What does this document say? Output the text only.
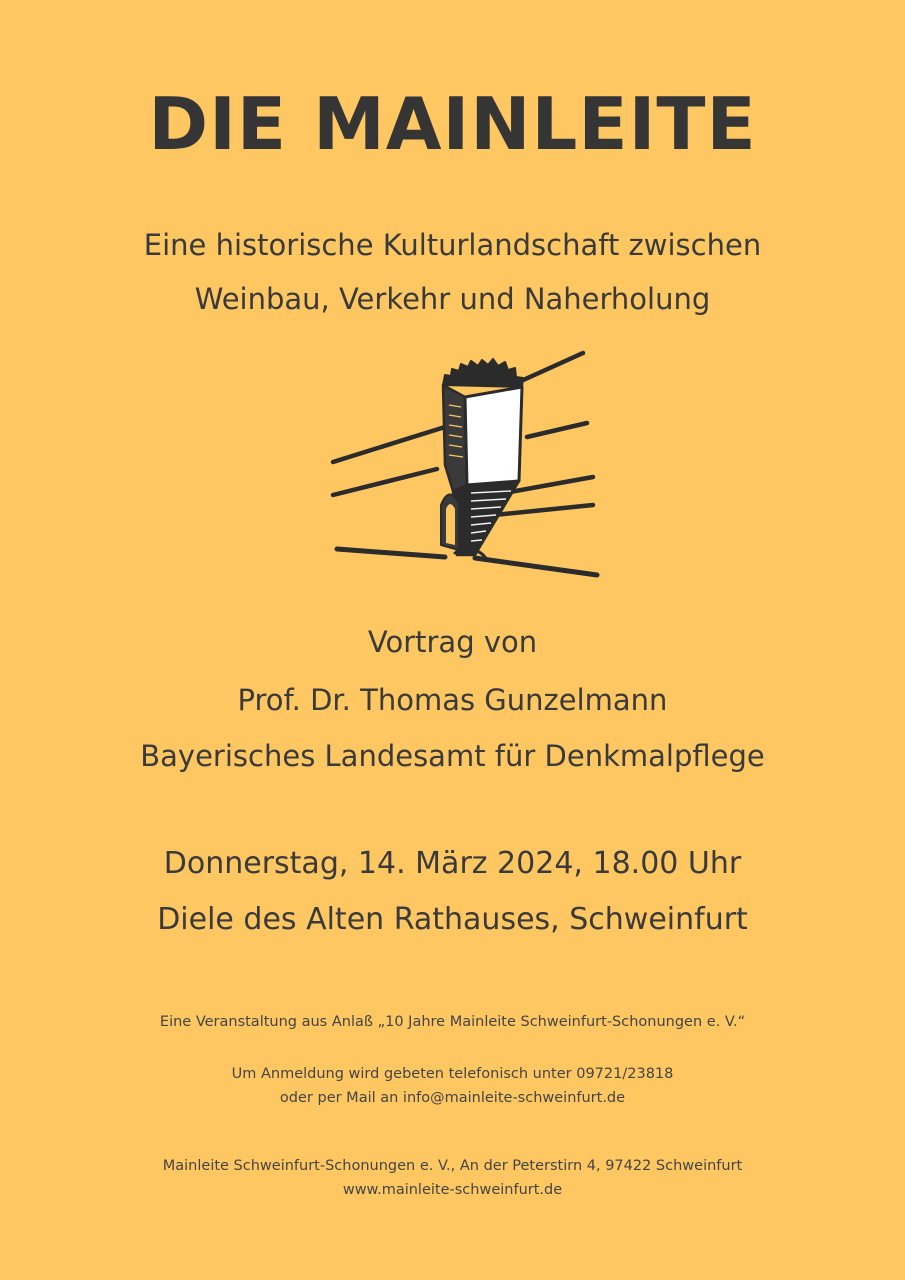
DIE MAINLEITE
Eine historische Kulturlandschaft zwischen
Weinbau, Verkehr und Naherholung
Vortrag von
Prof. Dr. Thomas Gunzelmann
Bayerisches Landesamt für Denkmalpflege
Donnerstag, 14. März 2024, 18.00 Uhr
Diele des Alten Rathauses, Schweinfurt
Eine Veranstaltung aus Anlaß „10 Jahre Mainleite Schweinfurt-Schonungen e. V.“
Um Anmeldung wird gebeten telefonisch unter 09721/23818
oder per Mail an info@mainleite-schweinfurt.de
Mainleite Schweinfurt-Schonungen e. V., An der Peterstirn 4, 97422 Schweinfurt
www.mainleite-schweinfurt.de
